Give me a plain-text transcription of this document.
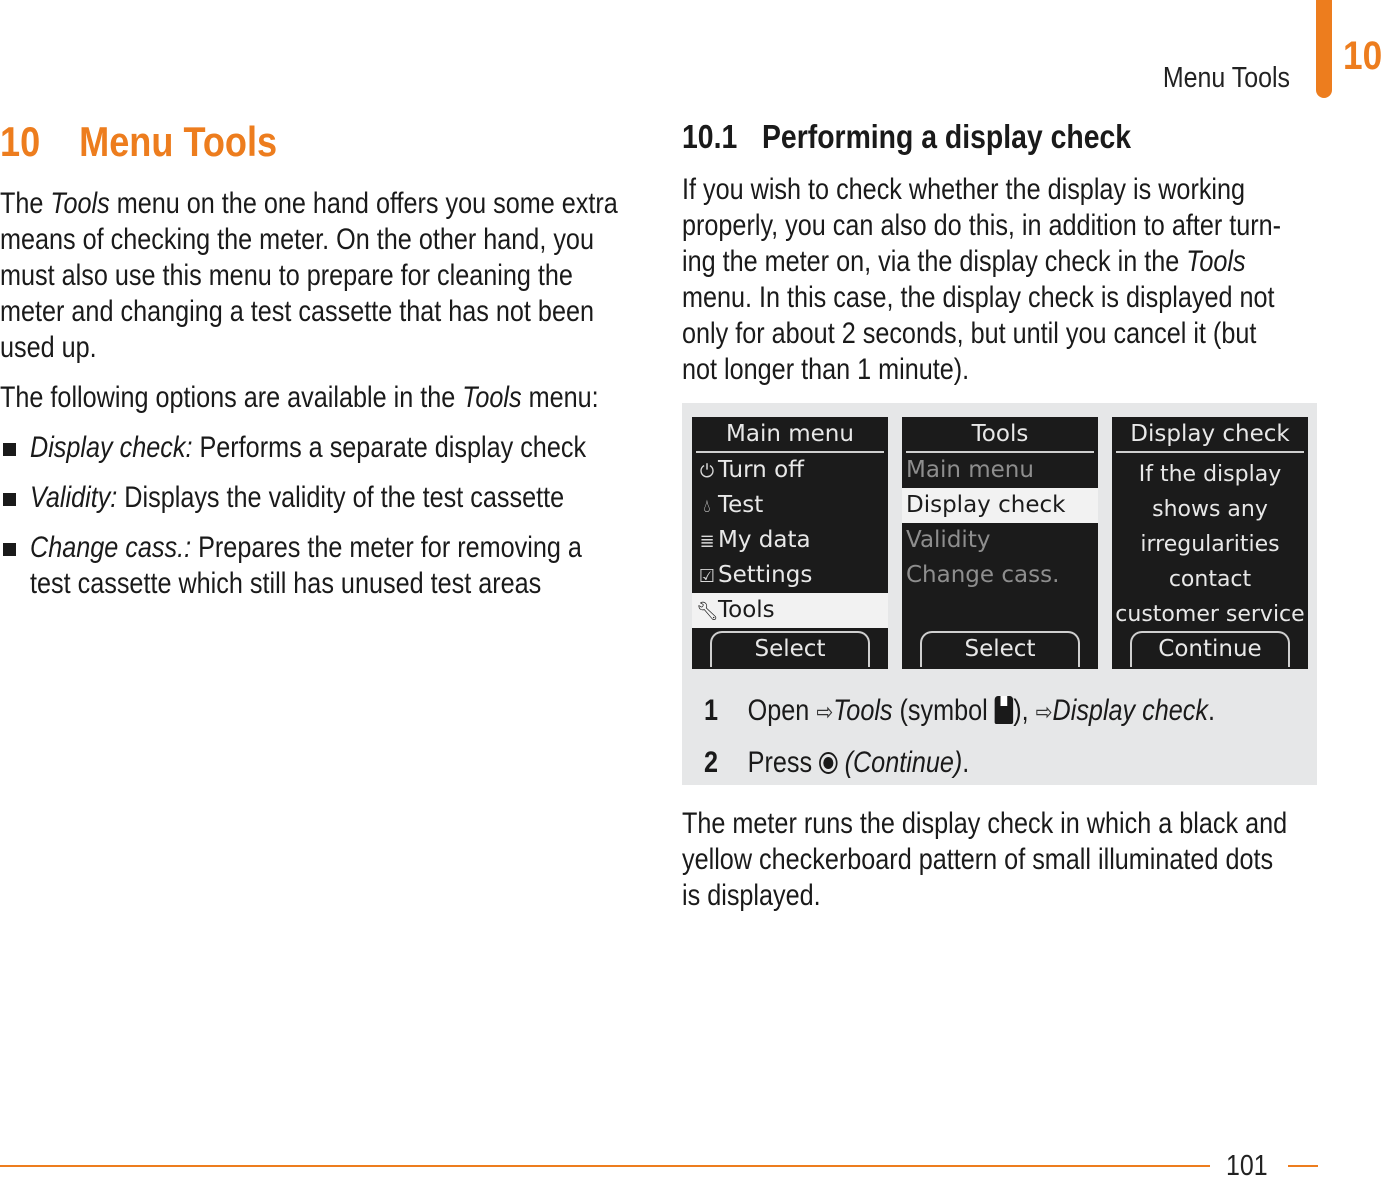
Menu Tools 10
10 Menu Tools
The Tools menu on the one hand offers you some extra
means of checking the meter. On the other hand, you
must also use this menu to prepare for cleaning the
meter and changing a test cassette that has not been
used up.
The following options are available in the Tools menu:
Display check: Performs a separate display check
Validity: Displays the validity of the test cassette
Change cass.: Prepares the meter for removing a
test cassette which still has unused test areas
10.1 Performing a display check
If you wish to check whether the display is working
properly, you can also do this, in addition to after turn-
ing the meter on, via the display check in the Tools
menu. In this case, the display check is displayed not
only for about 2 seconds, but until you cancel it (but
not longer than 1 minute).
Main menu
⏻ Turn off
💧︎ Test
≣ My data
☑ Settings
🔧︎Tools
Select
Tools
Main menu
Display check
Validity
Change cass.
Select
Display check
If the display
shows any
irregularities
contact
customer service
Continue
1 Open ⇨Tools (symbol ), ⇨Display check.
2 Press  (Continue).
The meter runs the display check in which a black and
yellow checkerboard pattern of small illuminated dots
is displayed.
101
